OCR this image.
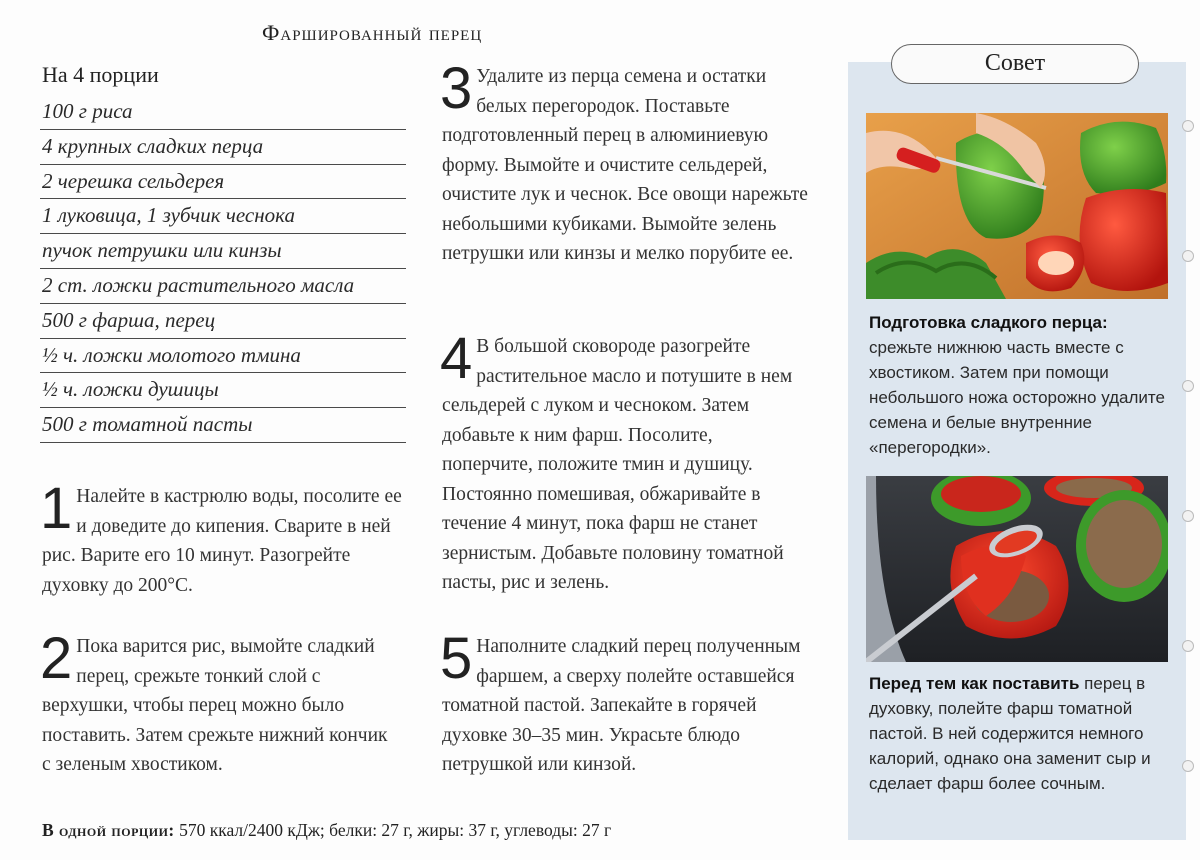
Фаршированный перец
На 4 порции
100 г риса
4 крупных сладких перца
2 черешка сельдерея
1 луковица, 1 зубчик чеснока
пучок петрушки или кинзы
2 ст. ложки растительного масла
500 г фарша, перец
½ ч. ложки молотого тмина
½ ч. ложки душицы
500 г томатной пасты
1 Налейте в кастрюлю воды, посолите ее и доведите до кипения. Сварите в ней рис. Варите его 10 минут. Разогрейте духовку до 200°С.
2 Пока варится рис, вымойте сладкий перец, срежьте тонкий слой с верхушки, чтобы перец можно было поставить. Затем срежьте нижний кончик с зеленым хвостиком.
3 Удалите из перца семена и остатки белых перегородок. Поставьте подготовленный перец в алюминиевую форму. Вымойте и очистите сельдерей, очистите лук и чеснок. Все овощи нарежьте небольшими кубиками. Вымойте зелень петрушки или кинзы и мелко порубите ее.
4 В большой сковороде разогрейте растительное масло и потушите в нем сельдерей с луком и чесноком. Затем добавьте к ним фарш. Посолите, поперчите, положите тмин и душицу. Постоянно помешивая, обжаривайте в течение 4 минут, пока фарш не станет зернистым. Добавьте половину томатной пасты, рис и зелень.
5 Наполните сладкий перец полученным фаршем, а сверху полейте оставшейся томатной пастой. Запекайте в горячей духовке 30–35 мин. Украсьте блюдо петрушкой или кинзой.
В одной порции: 570 ккал/2400 кДж; белки: 27 г, жиры: 37 г, углеводы: 27 г
Совет
Подготовка сладкого перца: срежьте нижнюю часть вместе с хвостиком. Затем при помощи небольшого ножа осторожно удалите семена и белые внутренние «перегородки».
Перед тем как поставить перец в духовку, полейте фарш томатной пастой. В ней содержится немного калорий, однако она заменит сыр и сделает фарш более сочным.
